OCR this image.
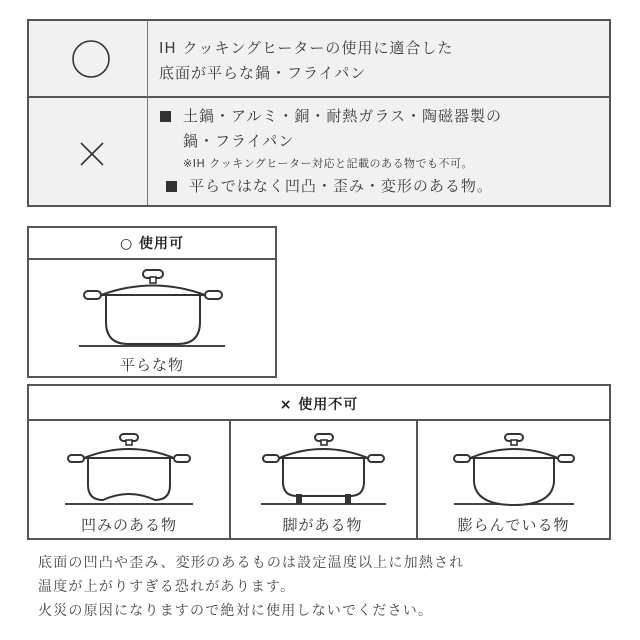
IH クッキングヒーターの使用に適合した
底面が平らな鍋・フライパン
土鍋・アルミ・銅・耐熱ガラス・陶磁器製の
鍋・フライパン
※IH クッキングヒーター対応と記載のある物でも不可。
平らではなく凹凸・歪み・変形のある物。
○ 使用可
平らな物
× 使用不可
凹みのある物	脚がある物	膨らんでいる物
底面の凹凸や歪み、変形のあるものは設定温度以上に加熱され
温度が上がりすぎる恐れがあります。
火災の原因になりますので絶対に使用しないでください。
